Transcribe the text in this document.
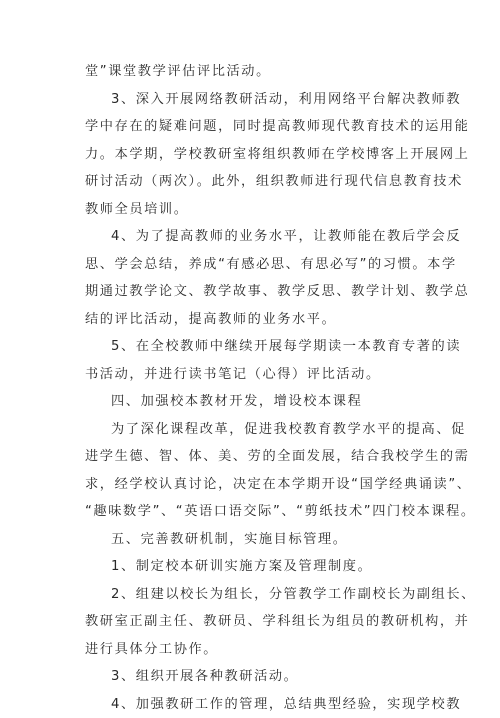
堂”课堂教学评估评比活动。
3、深入开展网络教研活动，利用网络平台解决教师教
学中存在的疑难问题，同时提高教师现代教育技术的运用能
力。本学期，学校教研室将组织教师在学校博客上开展网上
研讨活动（两次）。此外，组织教师进行现代信息教育技术
教师全员培训。
4、为了提高教师的业务水平，让教师能在教后学会反
思、学会总结，养成“有感必思、有思必写”的习惯。本学
期通过教学论文、教学故事、教学反思、教学计划、教学总
结的评比活动，提高教师的业务水平。
5、在全校教师中继续开展每学期读一本教育专著的读
书活动，并进行读书笔记（心得）评比活动。
四、加强校本教材开发，增设校本课程
为了深化课程改革，促进我校教育教学水平的提高、促
进学生德、智、体、美、劳的全面发展，结合我校学生的需
求，经学校认真讨论，决定在本学期开设“国学经典诵读”、
“趣味数学”、“英语口语交际”、“剪纸技术”四门校本课程。
五、完善教研机制，实施目标管理。
1、制定校本研训实施方案及管理制度。
2、组建以校长为组长，分管教学工作副校长为副组长、
教研室正副主任、教研员、学科组长为组员的教研机构，并
进行具体分工协作。
3、组织开展各种教研活动。
4、加强教研工作的管理，总结典型经验，实现学校教
